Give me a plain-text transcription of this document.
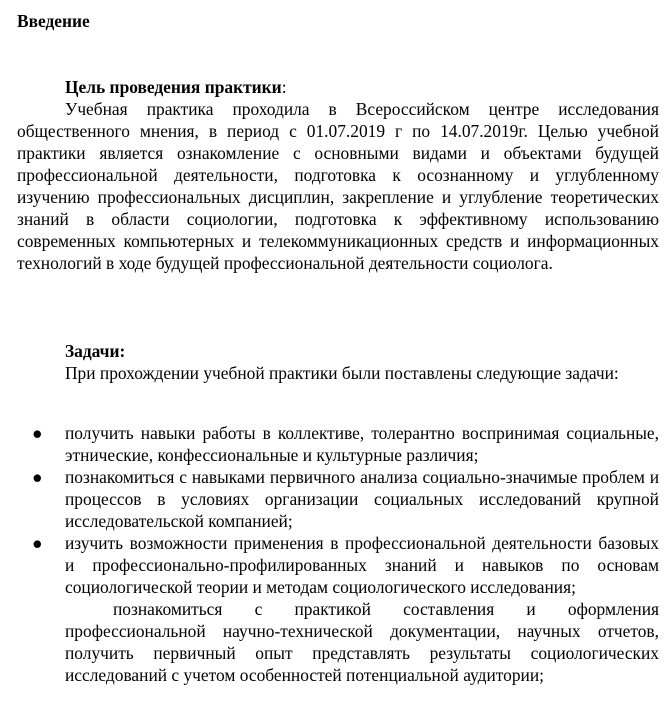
Введение
Цель проведения практики:

Учебная практика проходила в Всероссийском центре исследования общественного мнения, в период с 01.07.2019 г по 14.07.2019г. Целью учебной практики является ознакомление с основными видами и объектами будущей профессиональной деятельности, подготовка к осознанному и углубленному изучению профессиональных дисциплин, закрепление и углубление теоретических знаний в области социологии, подготовка к эффективному использованию современных компьютерных и телекоммуникационных средств и информационных технологий в ходе будущей профессиональной деятельности социолога.

Задачи:

При прохождении учебной практики были поставлены следующие задачи:

● получить навыки работы в коллективе, толерантно воспринимая социальные, этнические, конфессиональные и культурные различия;
● познакомиться с навыками первичного анализа социально-значимые проблем и процессов в условиях организации социальных исследований крупной исследовательской компанией;
● изучить возможности применения в профессиональной деятельности базовых и профессионально-профилированных знаний и навыков по основам социологической теории и методам социологического исследования;

познакомиться с практикой составления и оформления профессиональной научно-технической документации, научных отчетов, получить первичный опыт представлять результаты социологических исследований с учетом особенностей потенциальной аудитории;
